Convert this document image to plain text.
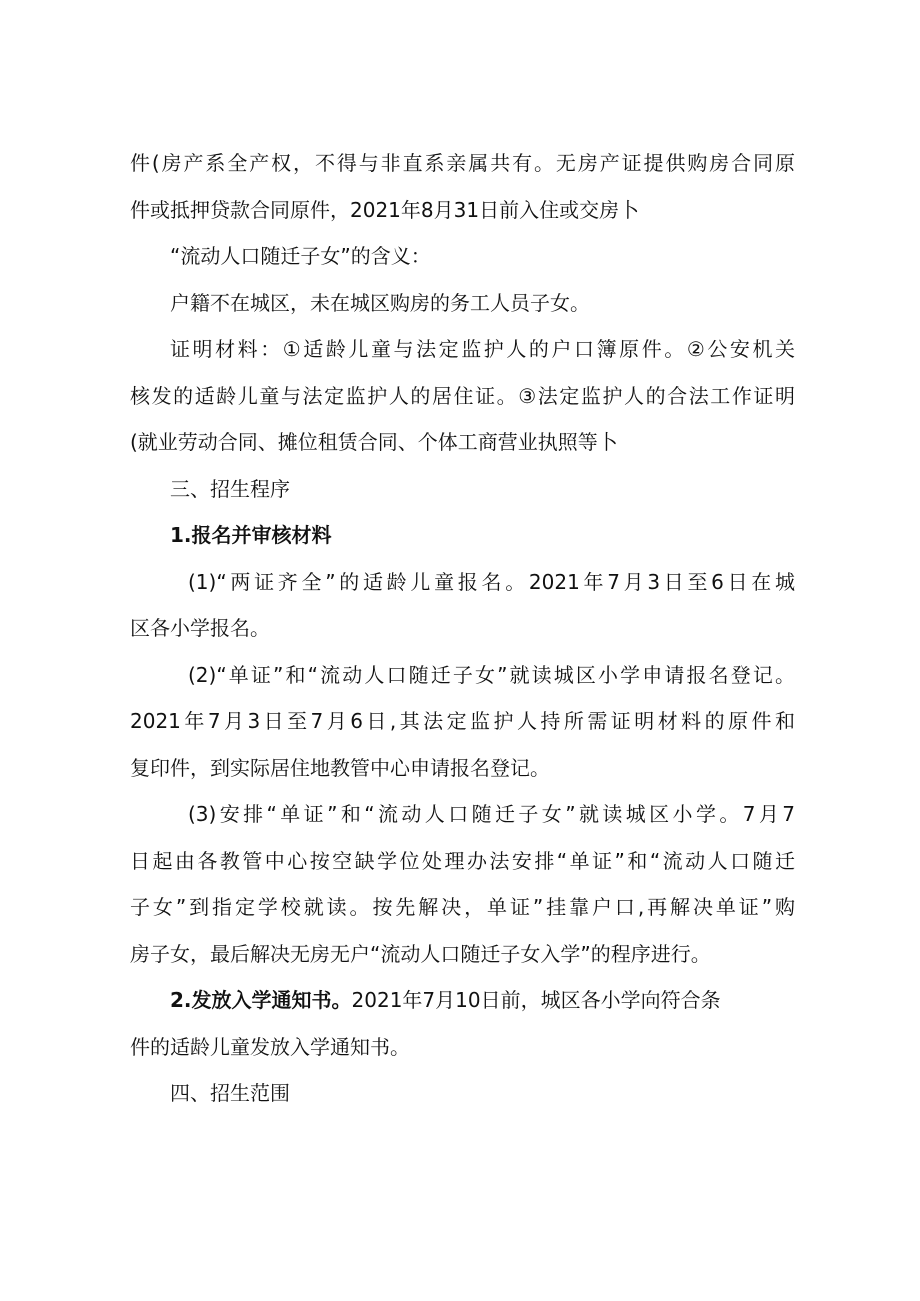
件(房产系全产权，不得与非直系亲属共有。无房产证提供购房合同原
件或抵押贷款合同原件，2021年8月31日前入住或交房卜
“流动人口随迁子女”的含义：
户籍不在城区，未在城区购房的务工人员子女。
证明材料：①适龄儿童与法定监护人的户口簿原件。②公安机关
核发的适龄儿童与法定监护人的居住证。③法定监护人的合法工作证明
(就业劳动合同、摊位租赁合同、个体工商营业执照等卜
三、招生程序
1.报名并审核材料
(1)“两证齐全”的适龄儿童报名。2021年7月3日至6日在城
区各小学报名。
(2)“单证”和“流动人口随迁子女”就读城区小学申请报名登记。
2021年7月3日至7月6日,其法定监护人持所需证明材料的原件和
复印件，到实际居住地教管中心申请报名登记。
(3)安排“单证”和“流动人口随迁子女”就读城区小学。7月7
日起由各教管中心按空缺学位处理办法安排“单证”和“流动人口随迁
子女”到指定学校就读。按先解决，单证”挂靠户口,再解决单证”购
房子女，最后解决无房无户“流动人口随迁子女入学”的程序进行。
2.发放入学通知书。2021年7月10日前，城区各小学向符合条
件的适龄儿童发放入学通知书。
四、招生范围
